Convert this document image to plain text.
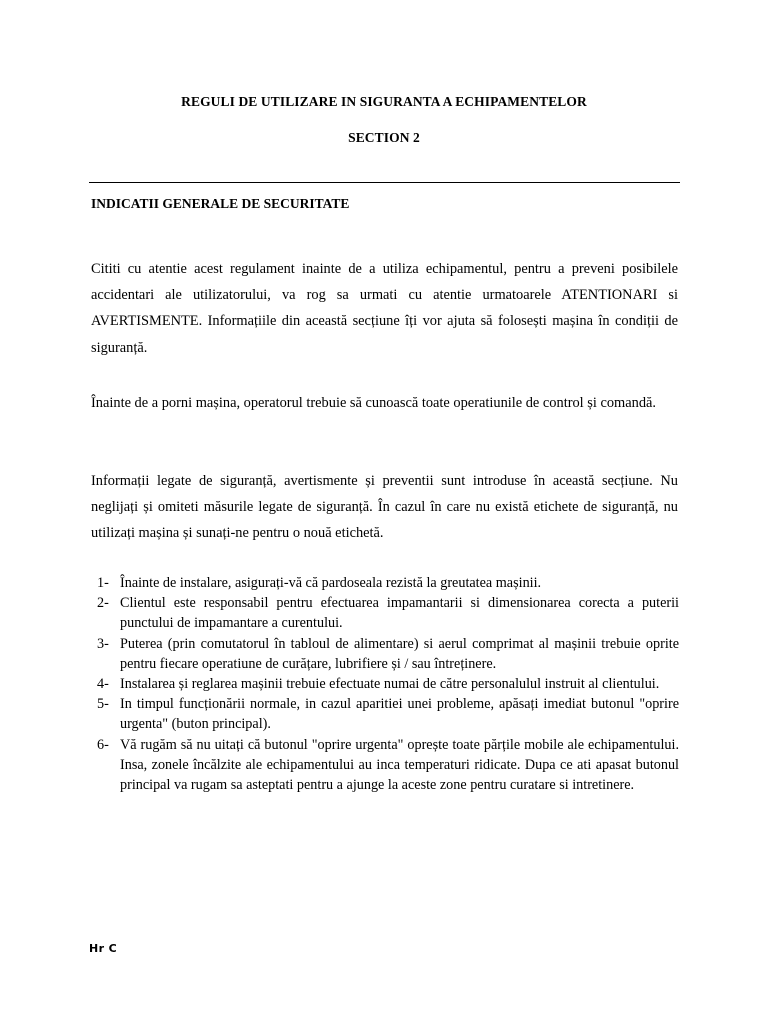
REGULI DE UTILIZARE IN SIGURANTA A ECHIPAMENTELOR
SECTION 2
INDICATII GENERALE DE SECURITATE

Cititi cu atentie acest regulament inainte de a utiliza echipamentul, pentru a preveni posibilele accidentari ale utilizatorului, va rog sa urmati cu atentie urmatoarele ATENTIONARI si AVERTISMENTE. Informațiile din această secțiune îți vor ajuta să folosești mașina în condiții de siguranță.

Înainte de a porni mașina, operatorul trebuie să cunoască toate operatiunile de control și comandă.

Informații legate de siguranță, avertismente și preventii sunt introduse în această secțiune. Nu neglijați și omiteti măsurile legate de siguranță. În cazul în care nu există etichete de siguranță, nu utilizați mașina și sunați-ne pentru o nouă etichetă.

1- Înainte de instalare, asigurați-vă că pardoseala rezistă la greutatea mașinii.
2- Clientul este responsabil pentru efectuarea impamantarii si dimensionarea corecta a puterii punctului de impamantare a curentului.
3- Puterea (prin comutatorul în tabloul de alimentare) si aerul comprimat al mașinii trebuie oprite pentru fiecare operatiune de curățare, lubrifiere și / sau întreținere.
4- Instalarea și reglarea mașinii trebuie efectuate numai de către personalulul instruit al clientului.
5- In timpul funcționării normale, in cazul aparitiei unei probleme, apăsați imediat butonul "oprire urgenta" (buton principal).
6- Vă rugăm să nu uitați că butonul "oprire urgenta" oprește toate părțile mobile ale echipamentului. Insa, zonele încălzite ale echipamentului au inca temperaturi ridicate. Dupa ce ati apasat butonul principal va rugam sa asteptati pentru a ajunge la aceste zone pentru curatare si intretinere.
Hr C
